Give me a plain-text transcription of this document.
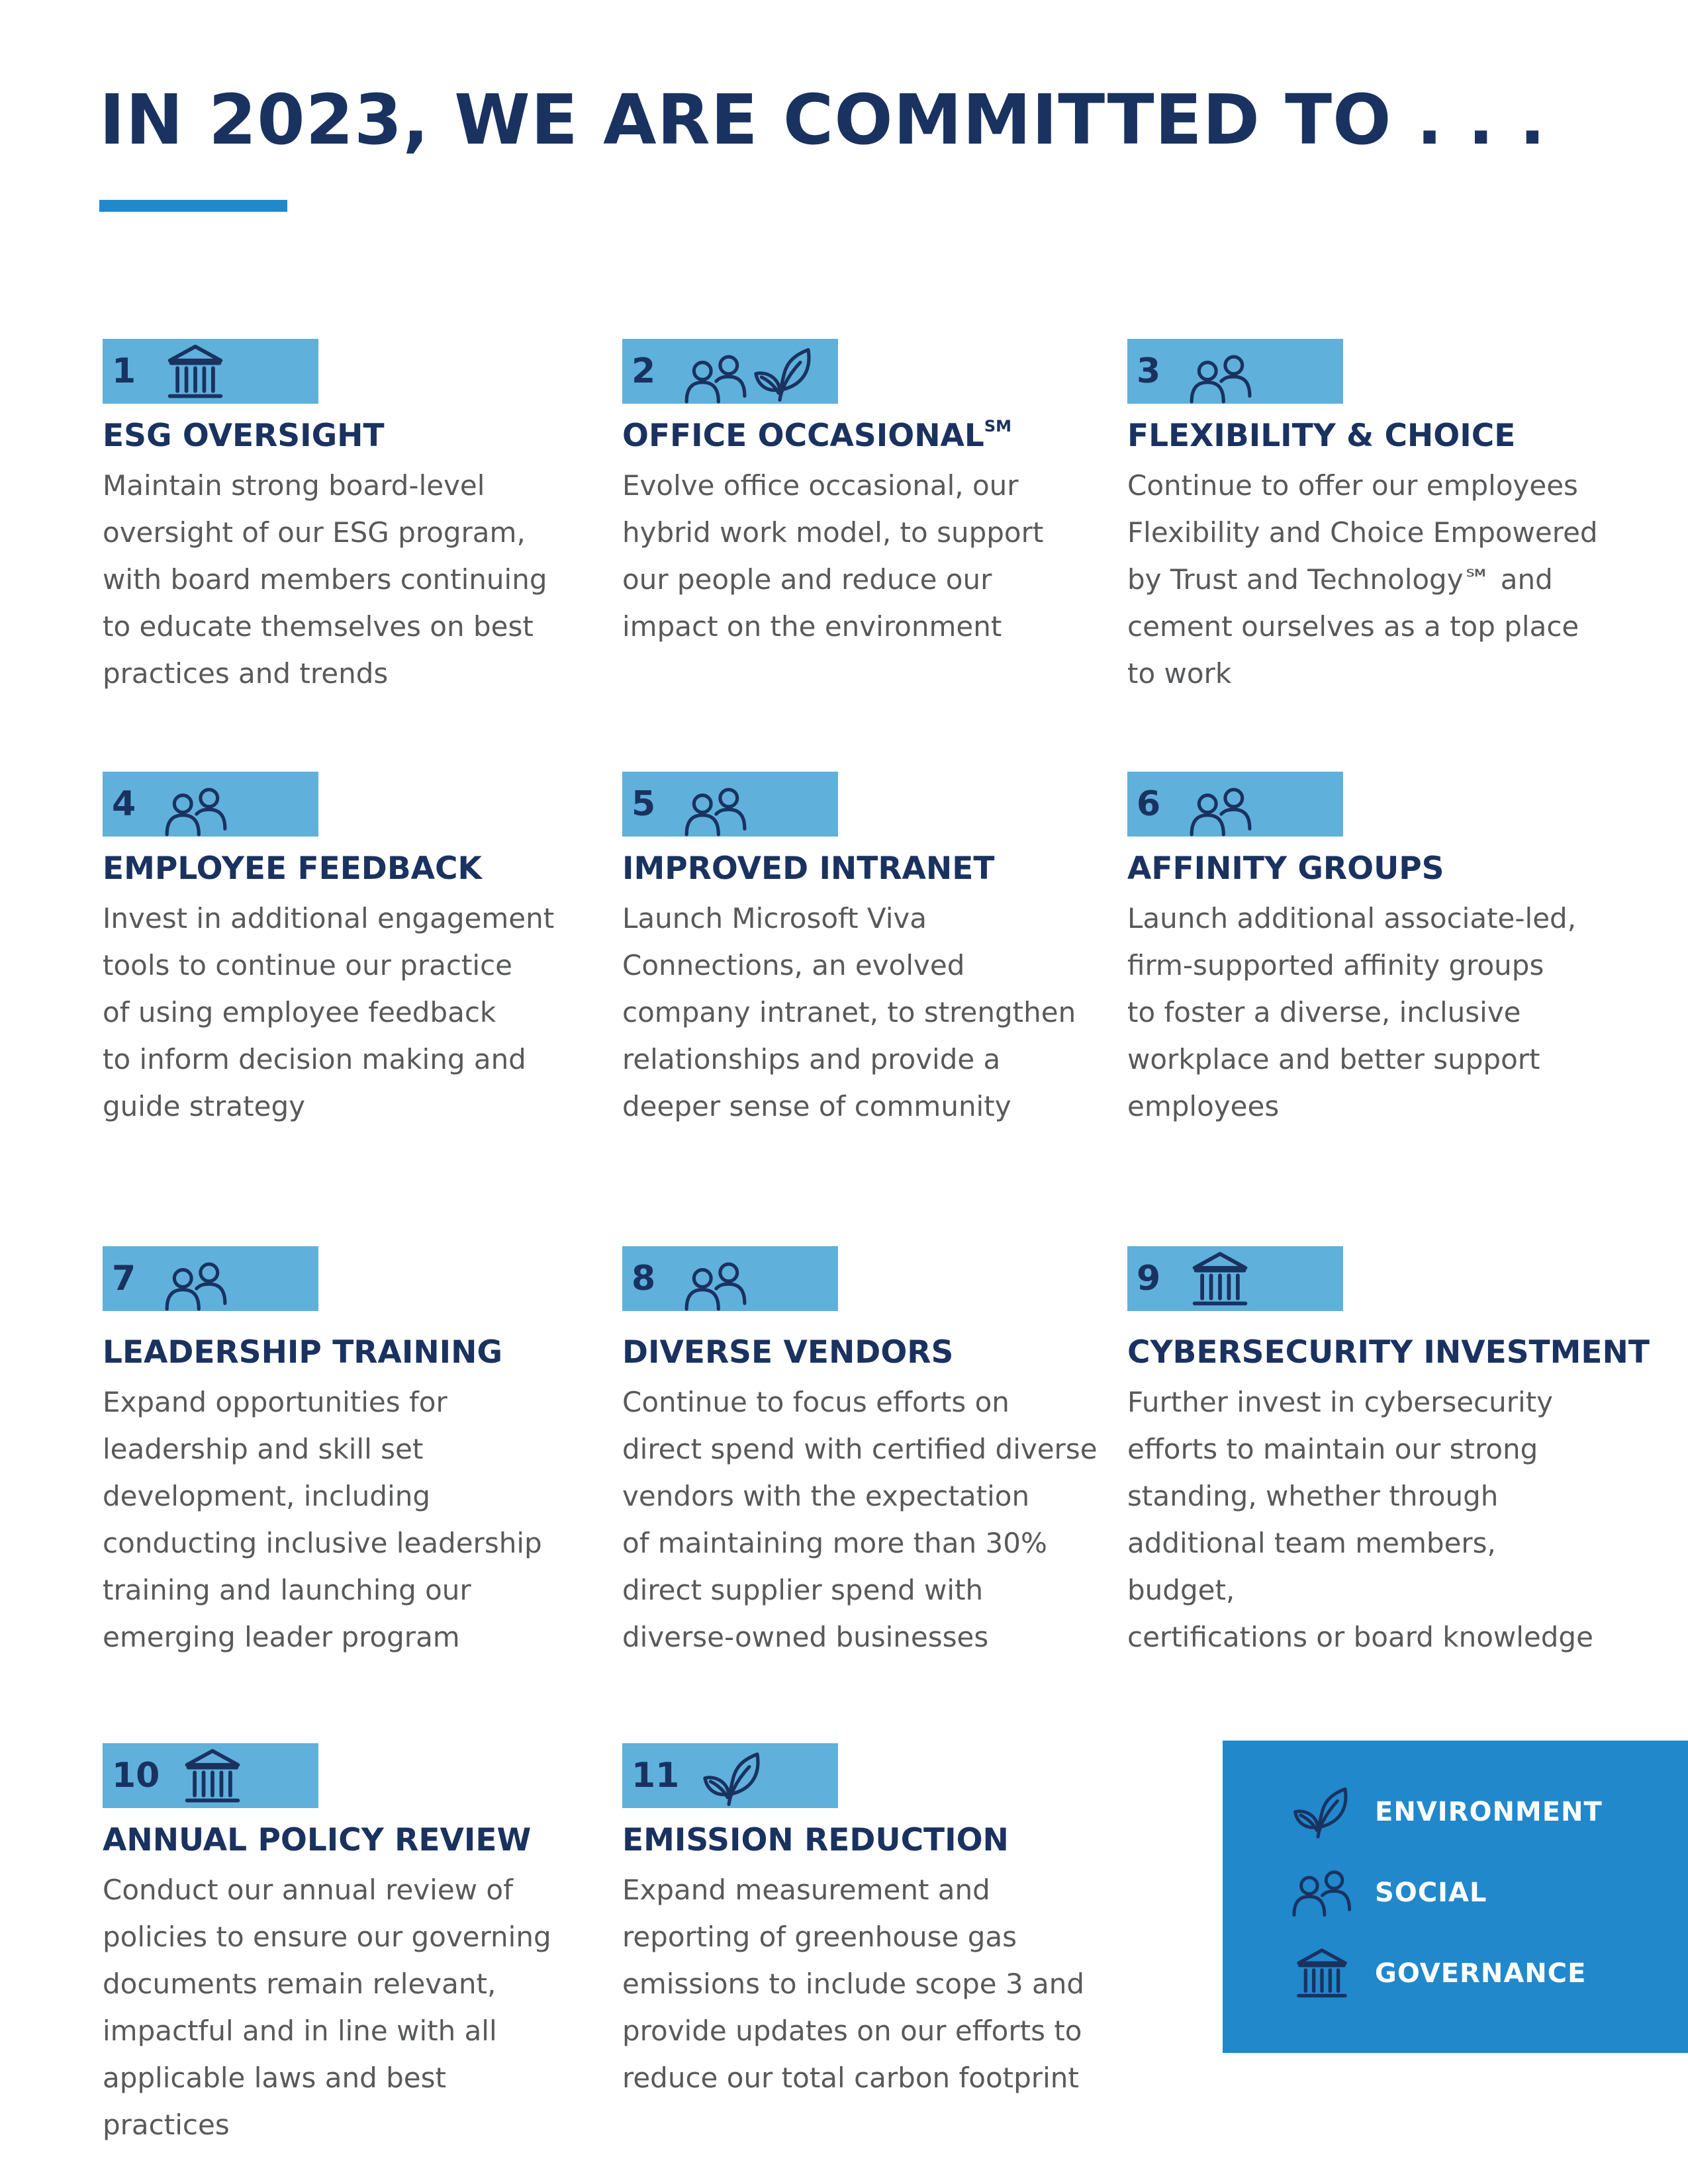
IN 2023, WE ARE COMMITTED TO . . .
1
ESG OVERSIGHT
Maintain strong board-level
oversight of our ESG program,
with board members continuing
to educate themselves on best
practices and trends
2
OFFICE OCCASIONAL℠
Evolve office occasional, our
hybrid work model, to support
our people and reduce our
impact on the environment
3
FLEXIBILITY & CHOICE
Continue to offer our employees
Flexibility and Choice Empowered
by Trust and Technology℠ and
cement ourselves as a top place
to work
4
EMPLOYEE FEEDBACK
Invest in additional engagement
tools to continue our practice
of using employee feedback
to inform decision making and
guide strategy
5
IMPROVED INTRANET
Launch Microsoft Viva
Connections, an evolved
company intranet, to strengthen
relationships and provide a
deeper sense of community
6
AFFINITY GROUPS
Launch additional associate-led,
firm-supported affinity groups
to foster a diverse, inclusive
workplace and better support
employees
7
LEADERSHIP TRAINING
Expand opportunities for
leadership and skill set
development, including
conducting inclusive leadership
training and launching our
emerging leader program
8
DIVERSE VENDORS
Continue to focus efforts on
direct spend with certified diverse
vendors with the expectation
of maintaining more than 30%
direct supplier spend with
diverse-owned businesses
9
CYBERSECURITY INVESTMENT
Further invest in cybersecurity
efforts to maintain our strong
standing, whether through
additional team members, budget,
certifications or board knowledge
10
ANNUAL POLICY REVIEW
Conduct our annual review of
policies to ensure our governing
documents remain relevant,
impactful and in line with all
applicable laws and best practices
11
EMISSION REDUCTION
Expand measurement and
reporting of greenhouse gas
emissions to include scope 3 and
provide updates on our efforts to
reduce our total carbon footprint
ENVIRONMENT
SOCIAL
GOVERNANCE
